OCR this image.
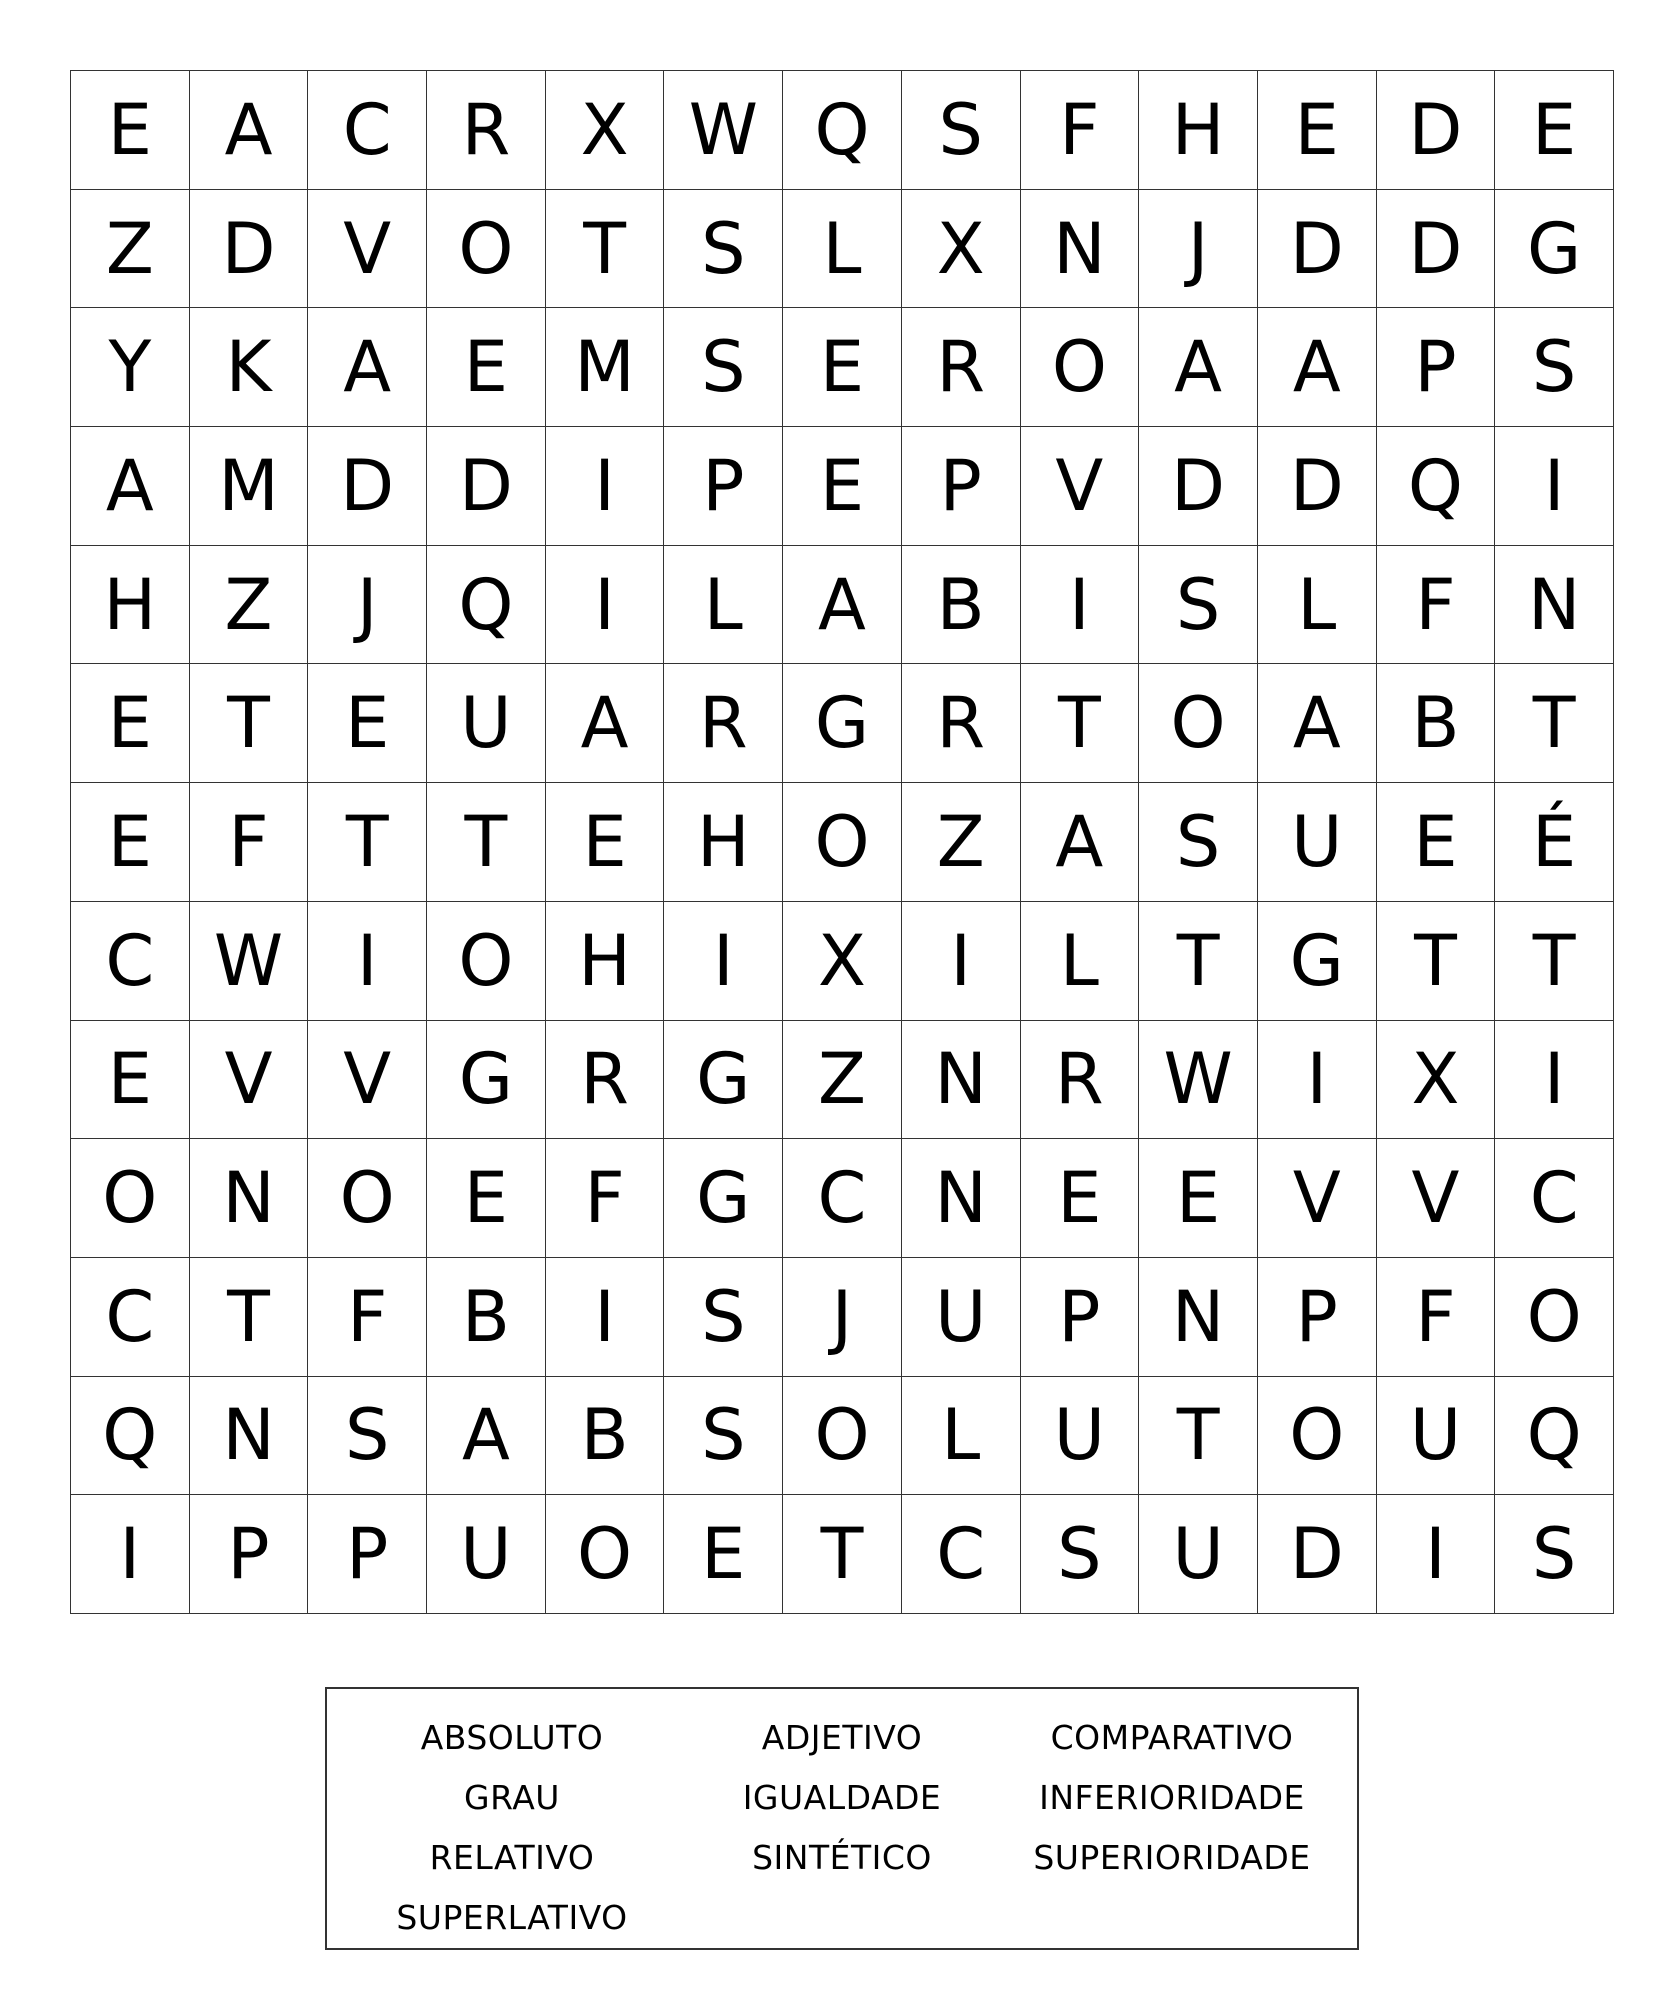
E	A	C R	X W Q S	F	H	E D E
Z D V O T	S	L	X N	J	D D G
Y	K	A	E M S	E	R O A	A	P	S
A M D D	I	P	E	P	V D D Q	I
H Z	J	Q	I	L	A	B	I	S	L	F	N
E	T	E	U A	R G R	T O A	B	T
E	F	T	T	E	H O Z	A	S	U	E	É
C W	I	O H	I	X	I	L	T	G	T	T
E	V	V G R G Z N R W	I	X	I
O N O E	F	G C N	E	E	V	V	C
C	T	F	B	I	S	J	U	P	N	P	F	O
Q N	S	A	B	S O	L	U	T O U Q
I	P	P	U O E	T	C	S	U D	I	S
ABSOLUTO	ADJETIVO	COMPARATIVO
GRAU	IGUALDADE	INFERIORIDADE
RELATIVO	SINTÉTICO	SUPERIORIDADE
SUPERLATIVO
